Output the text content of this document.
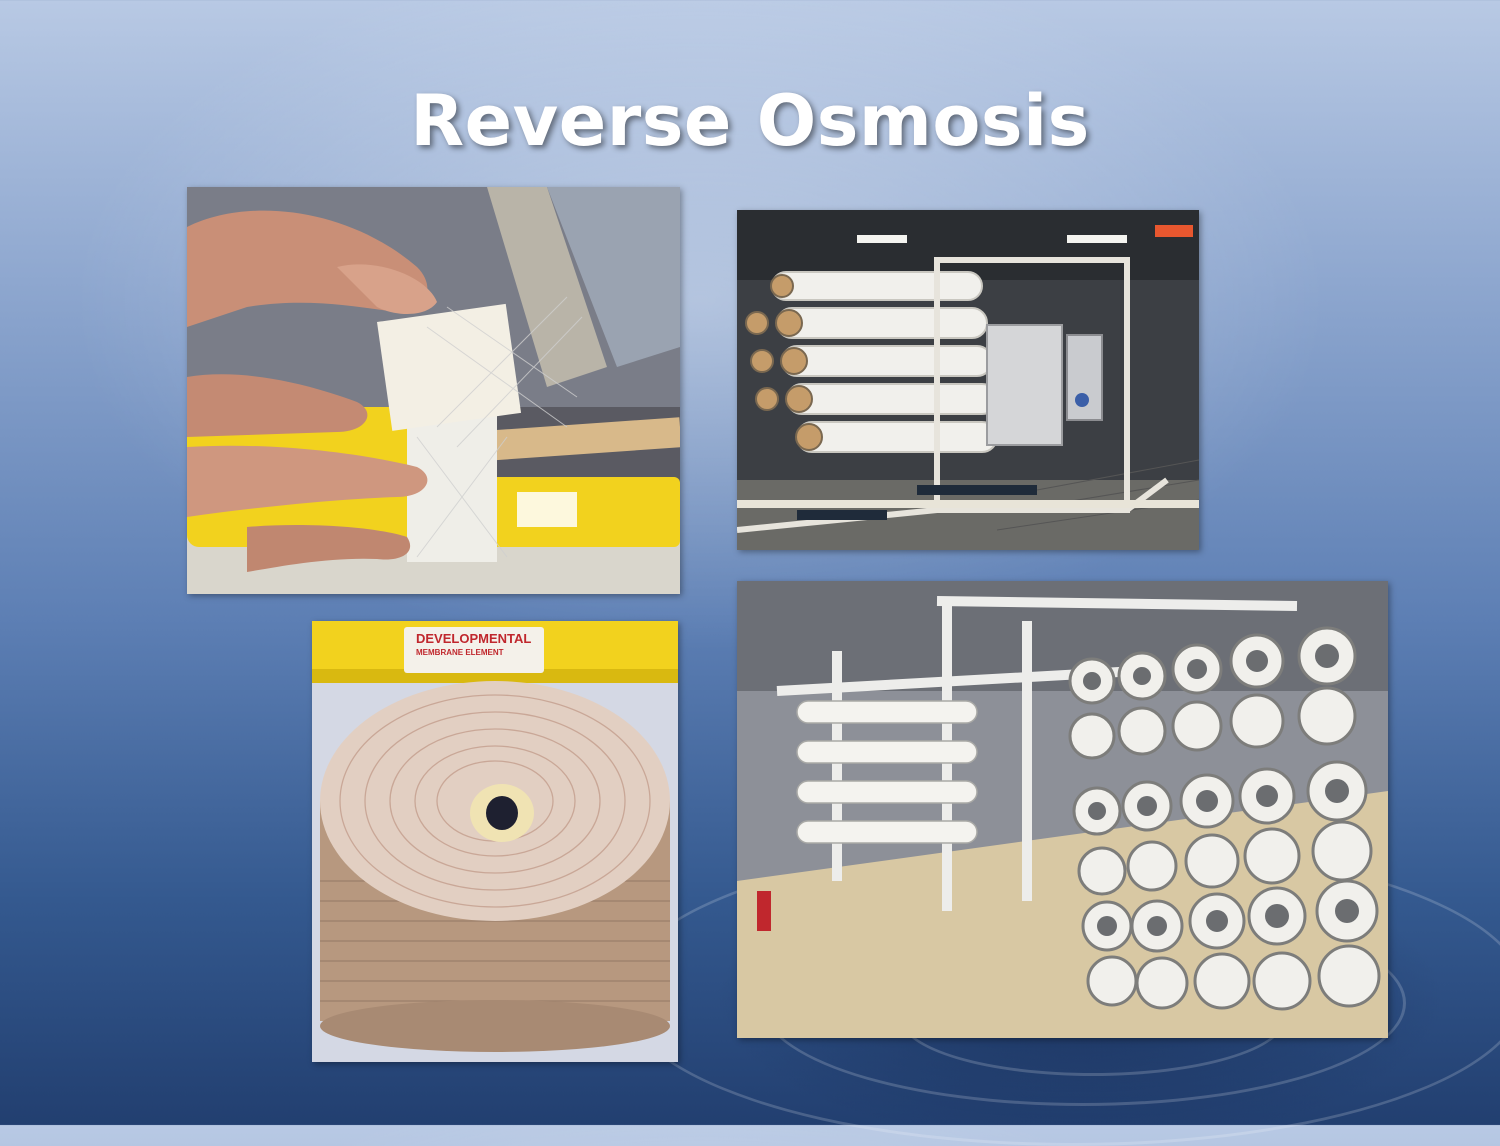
Reverse Osmosis
DEVELOPMENTAL
MEMBRANE ELEMENT
